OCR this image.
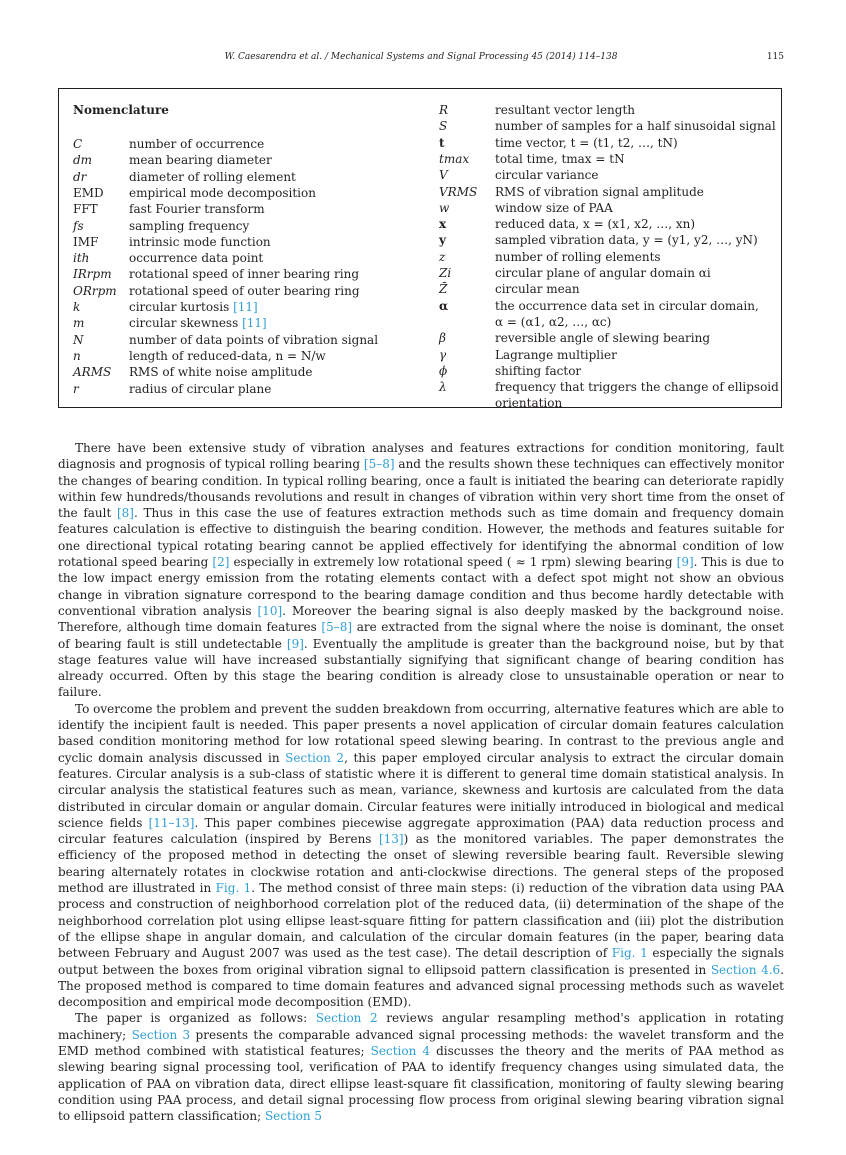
W. Caesarendra et al. / Mechanical Systems and Signal Processing 45 (2014) 114–138	115
Nomenclature
C	number of occurrence
dm	mean bearing diameter
dr	diameter of rolling element
EMD empirical mode decomposition
FFT	fast Fourier transform
fs	sampling frequency
IMF	intrinsic mode function
ith	occurrence data point
IRrpm rotational speed of inner bearing ring
ORrpm rotational speed of outer bearing ring
k	circular kurtosis [11]
m	circular skewness [11]
N	number of data points of vibration signal
n	length of reduced-data, n = N/w
ARMS RMS of white noise amplitude
r	radius of circular plane
R	resultant vector length
S	number of samples for a half sinusoidal signal
t	time vector, t = (t1, t2, …, tN)
tmax total time, tmax = tN
V	circular variance
VRMS RMS of vibration signal amplitude
w	window size of PAA
x	reduced data, x = (x1, x2, …, xn)
y	sampled vibration data, y = (y1, y2, …, yN)
z	number of rolling elements
Zi	circular plane of angular domain αi
Z̄	circular mean
α	the occurrence data set in circular domain,
α = (α1, α2, …, αc)
β	reversible angle of slewing bearing
γ	Lagrange multiplier
ϕ	shifting factor
λ	frequency that triggers the change of ellipsoid
orientation

There have been extensive study of vibration analyses and features extractions for condition monitoring, fault diagnosis and prognosis of typical rolling bearing [5–8] and the results shown these techniques can effectively monitor the changes of bearing condition. In typical rolling bearing, once a fault is initiated the bearing can deteriorate rapidly within few hundreds/thousands revolutions and result in changes of vibration within very short time from the onset of the fault [8]. Thus in this case the use of features extraction methods such as time domain and frequency domain features calculation is effective to distinguish the bearing condition. However, the methods and features suitable for one directional typical rotating bearing cannot be applied effectively for identifying the abnormal condition of low rotational speed bearing [2] especially in extremely low rotational speed ( ≈ 1 rpm) slewing bearing [9]. This is due to the low impact energy emission from the rotating elements contact with a defect spot might not show an obvious change in vibration signature correspond to the bearing damage condition and thus become hardly detectable with conventional vibration analysis [10]. Moreover the bearing signal is also deeply masked by the background noise. Therefore, although time domain features [5–8] are extracted from the signal where the noise is dominant, the onset of bearing fault is still undetectable [9]. Eventually the amplitude is greater than the background noise, but by that stage features value will have increased substantially signifying that significant change of bearing condition has already occurred. Often by this stage the bearing condition is already close to unsustainable operation or near to failure.

To overcome the problem and prevent the sudden breakdown from occurring, alternative features which are able to identify the incipient fault is needed. This paper presents a novel application of circular domain features calculation based condition monitoring method for low rotational speed slewing bearing. In contrast to the previous angle and cyclic domain analysis discussed in Section 2, this paper employed circular analysis to extract the circular domain features. Circular analysis is a sub-class of statistic where it is different to general time domain statistical analysis. In circular analysis the statistical features such as mean, variance, skewness and kurtosis are calculated from the data distributed in circular domain or angular domain. Circular features were initially introduced in biological and medical science fields [11–13]. This paper combines piecewise aggregate approximation (PAA) data reduction process and circular features calculation (inspired by Berens [13]) as the monitored variables. The paper demonstrates the efficiency of the proposed method in detecting the onset of slewing reversible bearing fault. Reversible slewing bearing alternately rotates in clockwise rotation and anti-clockwise directions. The general steps of the proposed method are illustrated in Fig. 1. The method consist of three main steps: (i) reduction of the vibration data using PAA process and construction of neighborhood correlation plot of the reduced data, (ii) determination of the shape of the neighborhood correlation plot using ellipse least-square fitting for pattern classification and (iii) plot the distribution of the ellipse shape in angular domain, and calculation of the circular domain features (in the paper, bearing data between February and August 2007 was used as the test case). The detail description of Fig. 1 especially the signals output between the boxes from original vibration signal to ellipsoid pattern classification is presented in Section 4.6. The proposed method is compared to time domain features and advanced signal processing methods such as wavelet decomposition and empirical mode decomposition (EMD).

The paper is organized as follows: Section 2 reviews angular resampling method's application in rotating machinery; Section 3 presents the comparable advanced signal processing methods: the wavelet transform and the EMD method combined with statistical features; Section 4 discusses the theory and the merits of PAA method as slewing bearing signal processing tool, verification of PAA to identify frequency changes using simulated data, the application of PAA on vibration data, direct ellipse least-square fit classification, monitoring of faulty slewing bearing condition using PAA process, and detail signal processing flow process from original slewing bearing vibration signal to ellipsoid pattern classification; Section 5
